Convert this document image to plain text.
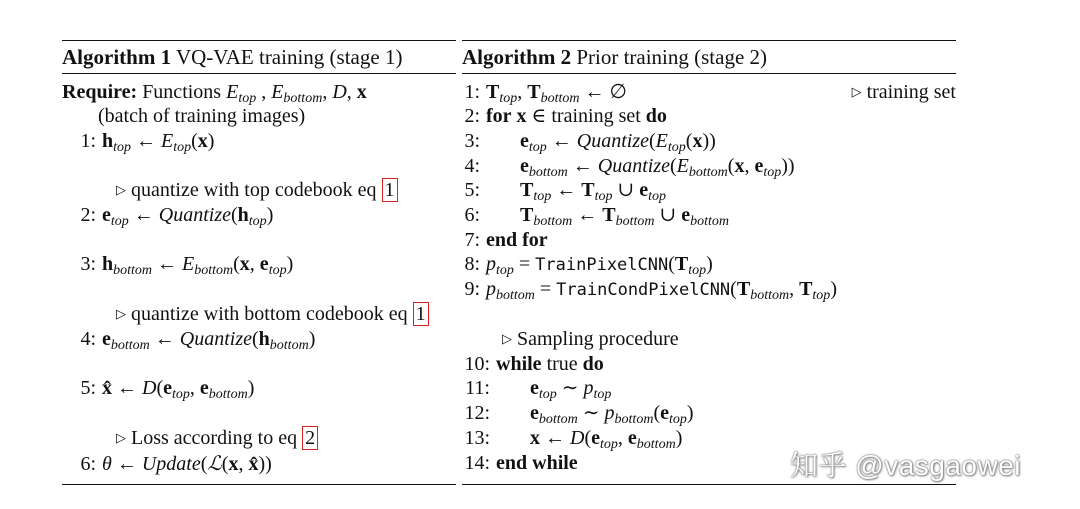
Algorithm 1 VQ-VAE training (stage 1)
Require: Functions $E_{top}$ , $E_{bottom}$, D, x
(batch of training images)
1: $h_{top}$ ← $E_{top}(x)$
▷ quantize with top codebook eq 1
2: $e_{top}$ ← $Quantize(h_{top})$
3: $h_{bottom}$ ← $E_{bottom}(x$, $e_{top}$)
▷ quantize with bottom codebook eq 1
4: $e_{bottom}$ ← $Quantize(h_{bottom})$
5: x̂ ← $D(e_{top}$, $e_{bottom}$)
▷ Loss according to eq 2
6: θ ← Update(ℒ(x, x̂))
Algorithm 2 Prior training (stage 2)
1: $T_{top}$, $T_{bottom}$ ← ∅	▷ training set
2: for x ∈ training set do
3: $e_{top}$ ← $Quantize(E_{top}(x))$
4: $e_{bottom}$ ← $Quantize(E_{bottom}(x$, $e_{top}$))
5: $T_{top}$ ← $T_{top}$ ∪ $e_{top}$
6: $T_{bottom}$ ← $T_{bottom}$ ∪ $e_{bottom}$
7: end for
8: $p_{top}$ = $TrainPixelCNN(T_{top})$
9: $p_{bottom}$ = $TrainCondPixelCNN(T_{bottom}$, $T_{top}$)
▷ Sampling procedure
10: while true do
11: $e_{top}$ ∼ $p_{top}$
12: $e_{bottom}$ ∼ $p_{bottom}(e_{top})$
13: x ← $D(e_{top}$, $e_{bottom}$)
14: end while	知乎 @vasgaowei
